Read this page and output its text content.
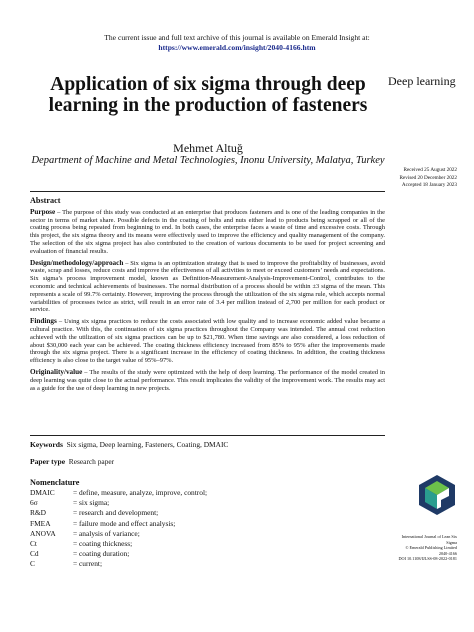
The current issue and full text archive of this journal is available on Emerald Insight at:
https://www.emerald.com/insight/2040-4166.htm
Deep learning
Application of six sigma through deep learning in the production of fasteners
Mehmet Altuğ
Department of Machine and Metal Technologies, Inonu University, Malatya, Turkey
Received 25 August 2022
Revised 20 December 2022
Accepted 18 January 2023
Abstract

Purpose – The purpose of this study was conducted at an enterprise that produces fasteners and is one of the leading companies in the sector in terms of market share. Possible defects in the coating of bolts and nuts either lead to products being scrapped or all of the coating process being repeated from beginning to end. In both cases, the enterprise faces a waste of time and excessive costs. Through this project, the six sigma theory and its means were effectively used to improve the efficiency and quality management of the company. The selection of the six sigma project has also contributed to the creation of various documents to be used for project screening and evaluation of financial results.

Design/methodology/approach – Six sigma is an optimization strategy that is used to improve the profitability of businesses, avoid waste, scrap and losses, reduce costs and improve the effectiveness of all activities to meet or exceed customers’ needs and expectations. Six sigma’s process improvement model, known as Definition-Measurement-Analysis-Improvement-Control, contributes to the economic and technical achievements of businesses. The normal distribution of a process should be within ±3 sigma of the mean. This represents a scale of 99.7% certainty. However, improving the process through the utilization of the six sigma rule, which accepts normal variabilities of processes twice as strict, will result in an error rate of 3.4 per million instead of 2,700 per million for each product or service.

Findings – Using six sigma practices to reduce the costs associated with low quality and to increase economic added value became a cultural practice. With this, the continuation of six sigma practices throughout the Company was intended. The annual cost reduction achieved with the utilization of six sigma practices can be up to $21,780. When time savings are also considered, a loss reduction of about $30,000 each year can be achieved. The coating thickness efficiency increased from 85% to 95% after the improvements made through the six sigma project. There is a significant increase in the efficiency of coating thickness. In addition, the coating thickness efficiency is also close to the target value of 95%–97%.

Originality/value – The results of the study were optimized with the help of deep learning. The performance of the model created in deep learning was quite close to the actual performance. This result implicates the validity of the improvement work. The results may act as a guide for the use of deep learning in new projects.

Keywords Six sigma, Deep learning, Fasteners, Coating, DMAIC
Paper type Research paper
Nomenclature
DMAIC	= define, measure, analyze, improve, control;
6σ	= six sigma;
R&D	= research and development;
FMEA	= failure mode and effect analysis;
ANOVA	= analysis of variance;
Ct	= coating thickness;
Cd	= coating duration;
C	= current;
International Journal of Lean Six
Sigma
© Emerald Publishing Limited
2040-4166
DOI 10.1108/IJLSS-08-2022-0181
